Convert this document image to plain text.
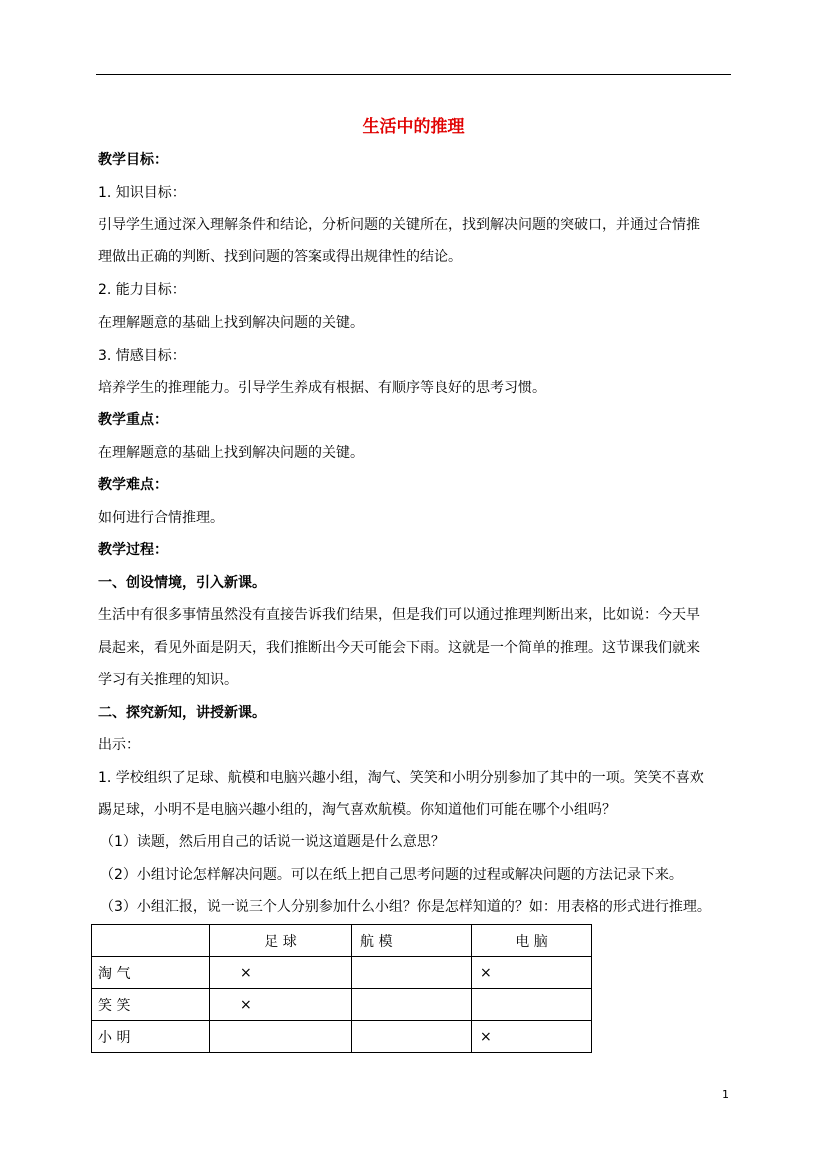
生活中的推理
教学目标：
1. 知识目标：
引导学生通过深入理解条件和结论，分析问题的关键所在，找到解决问题的突破口，并通过合情推
理做出正确的判断、找到问题的答案或得出规律性的结论。
2. 能力目标：
在理解题意的基础上找到解决问题的关键。
3. 情感目标：
培养学生的推理能力。引导学生养成有根据、有顺序等良好的思考习惯。
教学重点：
在理解题意的基础上找到解决问题的关键。
教学难点：
如何进行合情推理。
教学过程：
一、创设情境，引入新课。
生活中有很多事情虽然没有直接告诉我们结果，但是我们可以通过推理判断出来，比如说：今天早
晨起来，看见外面是阴天，我们推断出今天可能会下雨。这就是一个简单的推理。这节课我们就来
学习有关推理的知识。
二、探究新知，讲授新课。
出示：
1. 学校组织了足球、航模和电脑兴趣小组，淘气、笑笑和小明分别参加了其中的一项。笑笑不喜欢
踢足球，小明不是电脑兴趣小组的，淘气喜欢航模。你知道他们可能在哪个小组吗？
（1）读题，然后用自己的话说一说这道题是什么意思？
（2）小组讨论怎样解决问题。可以在纸上把自己思考问题的过程或解决问题的方法记录下来。
（3）小组汇报，说一说三个人分别参加什么小组？你是怎样知道的？如：用表格的形式进行推理。
	足 球	航 模	电 脑
淘 气	×		×
笑 笑	×		
小 明			×
1
